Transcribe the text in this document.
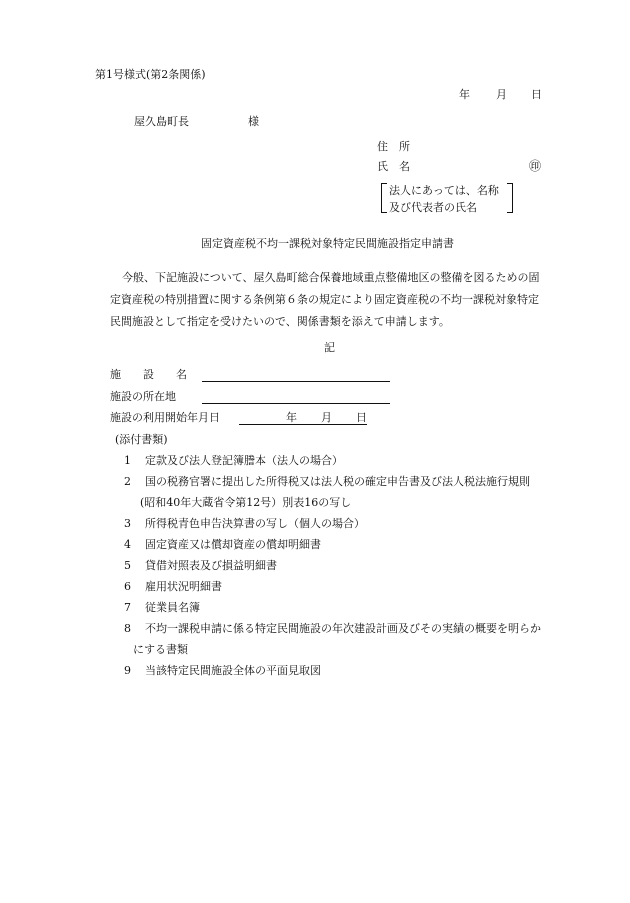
第1号様式(第2条関係)
年 月 日
屋久島町長	様
住　所
氏　名	㊞
法人にあっては、名称
及び代表者の氏名
固定資産税不均一課税対象特定民間施設指定申請書
今般、下記施設について、屋久島町総合保養地域重点整備地区の整備を図るための固
定資産税の特別措置に関する条例第６条の規定により固定資産税の不均一課税対象特定
民間施設として指定を受けたいので、関係書類を添えて申請します。
記
施　　設　　名
施設の所在地
施設の利用開始年月日	年 月 日
(添付書類)
1 定款及び法人登記簿謄本（法人の場合）
2 国の税務官署に提出した所得税又は法人税の確定申告書及び法人税法施行規則
(昭和40年大蔵省令第12号）別表16の写し
3 所得税青色申告決算書の写し（個人の場合）
4 固定資産又は償却資産の償却明細書
5 貸借対照表及び損益明細書
6 雇用状況明細書
7 従業員名簿
8 不均一課税申請に係る特定民間施設の年次建設計画及びその実績の概要を明らか
にする書類
9 当該特定民間施設全体の平面見取図
